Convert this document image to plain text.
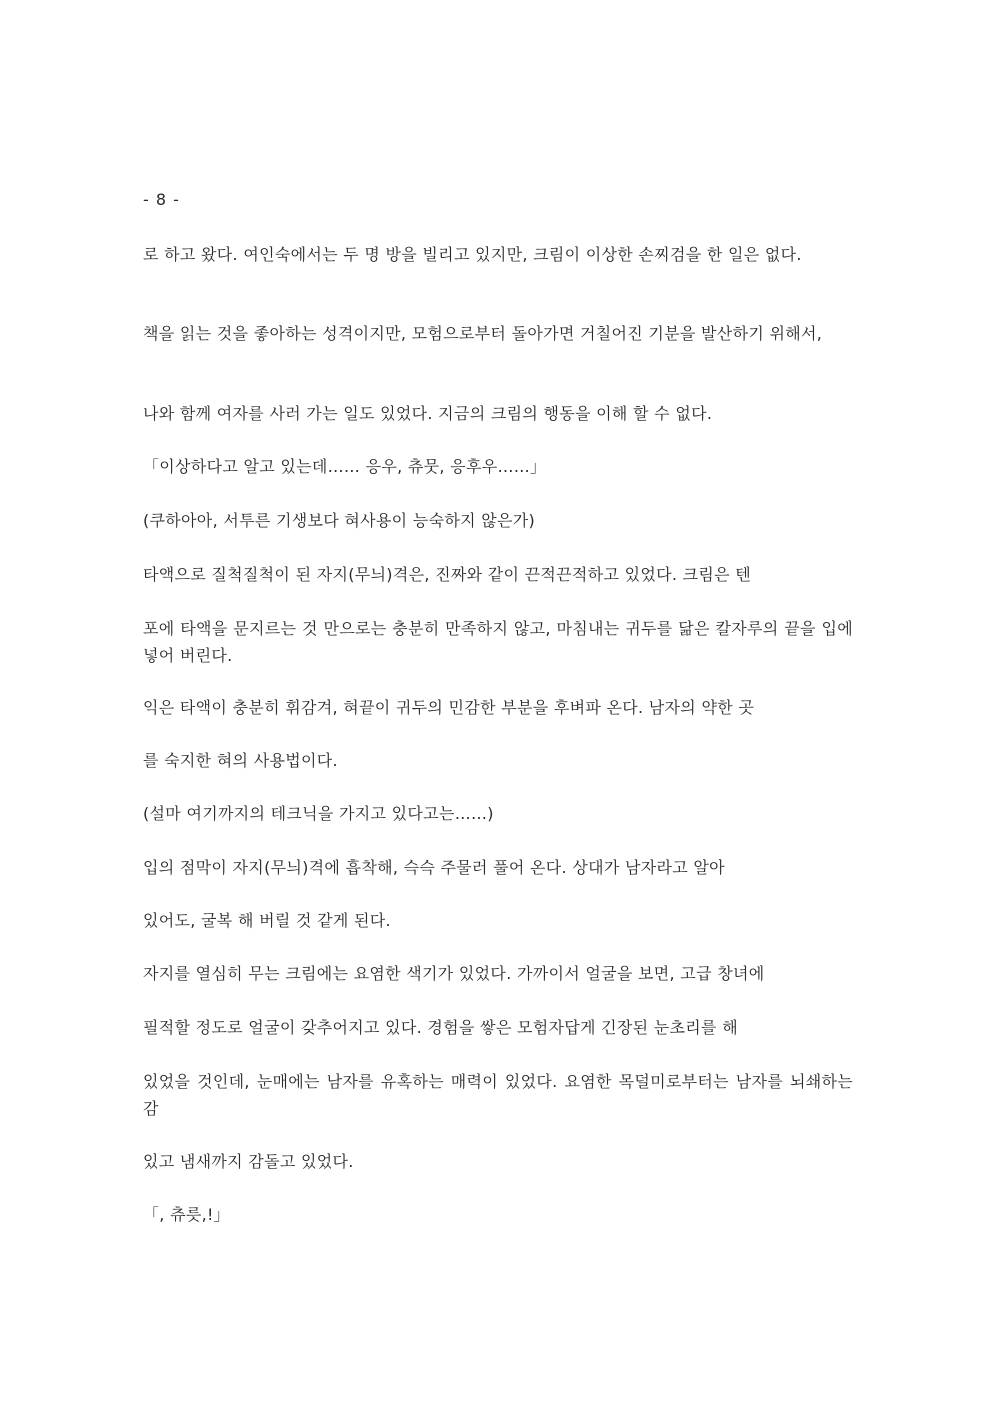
- 8 -

로 하고 왔다. 여인숙에서는 두 명 방을 빌리고 있지만, 크림이 이상한 손찌검을 한 일은 없다.

책을 읽는 것을 좋아하는 성격이지만, 모험으로부터 돌아가면 거칠어진 기분을 발산하기 위해서,

나와 함께 여자를 사러 가는 일도 있었다. 지금의 크림의 행동을 이해 할 수 없다.

「이상하다고 알고 있는데…… 응우, 츄뭇, 응후우……」

(쿠하아아, 서투른 기생보다 혀사용이 능숙하지 않은가)

타액으로 질척질척이 된 자지(무늬)격은, 진짜와 같이 끈적끈적하고 있었다. 크림은 텐

포에 타액을 문지르는 것 만으로는 충분히 만족하지 않고, 마침내는 귀두를 닮은 칼자루의 끝을 입에 넣어 버린다.

익은 타액이 충분히 휘감겨, 혀끝이 귀두의 민감한 부분을 후벼파 온다. 남자의 약한 곳

를 숙지한 혀의 사용법이다.

(설마 여기까지의 테크닉을 가지고 있다고는……)

입의 점막이 자지(무늬)격에 흡착해, 슥슥 주물러 풀어 온다. 상대가 남자라고 알아

있어도, 굴복 해 버릴 것 같게 된다.

자지를 열심히 무는 크림에는 요염한 색기가 있었다. 가까이서 얼굴을 보면, 고급 창녀에

필적할 정도로 얼굴이 갖추어지고 있다. 경험을 쌓은 모험자답게 긴장된 눈초리를 해

있었을 것인데, 눈매에는 남자를 유혹하는 매력이 있었다. 요염한 목덜미로부터는 남자를 뇌쇄하는 감

있고 냄새까지 감돌고 있었다.

「, 츄릇,!」
